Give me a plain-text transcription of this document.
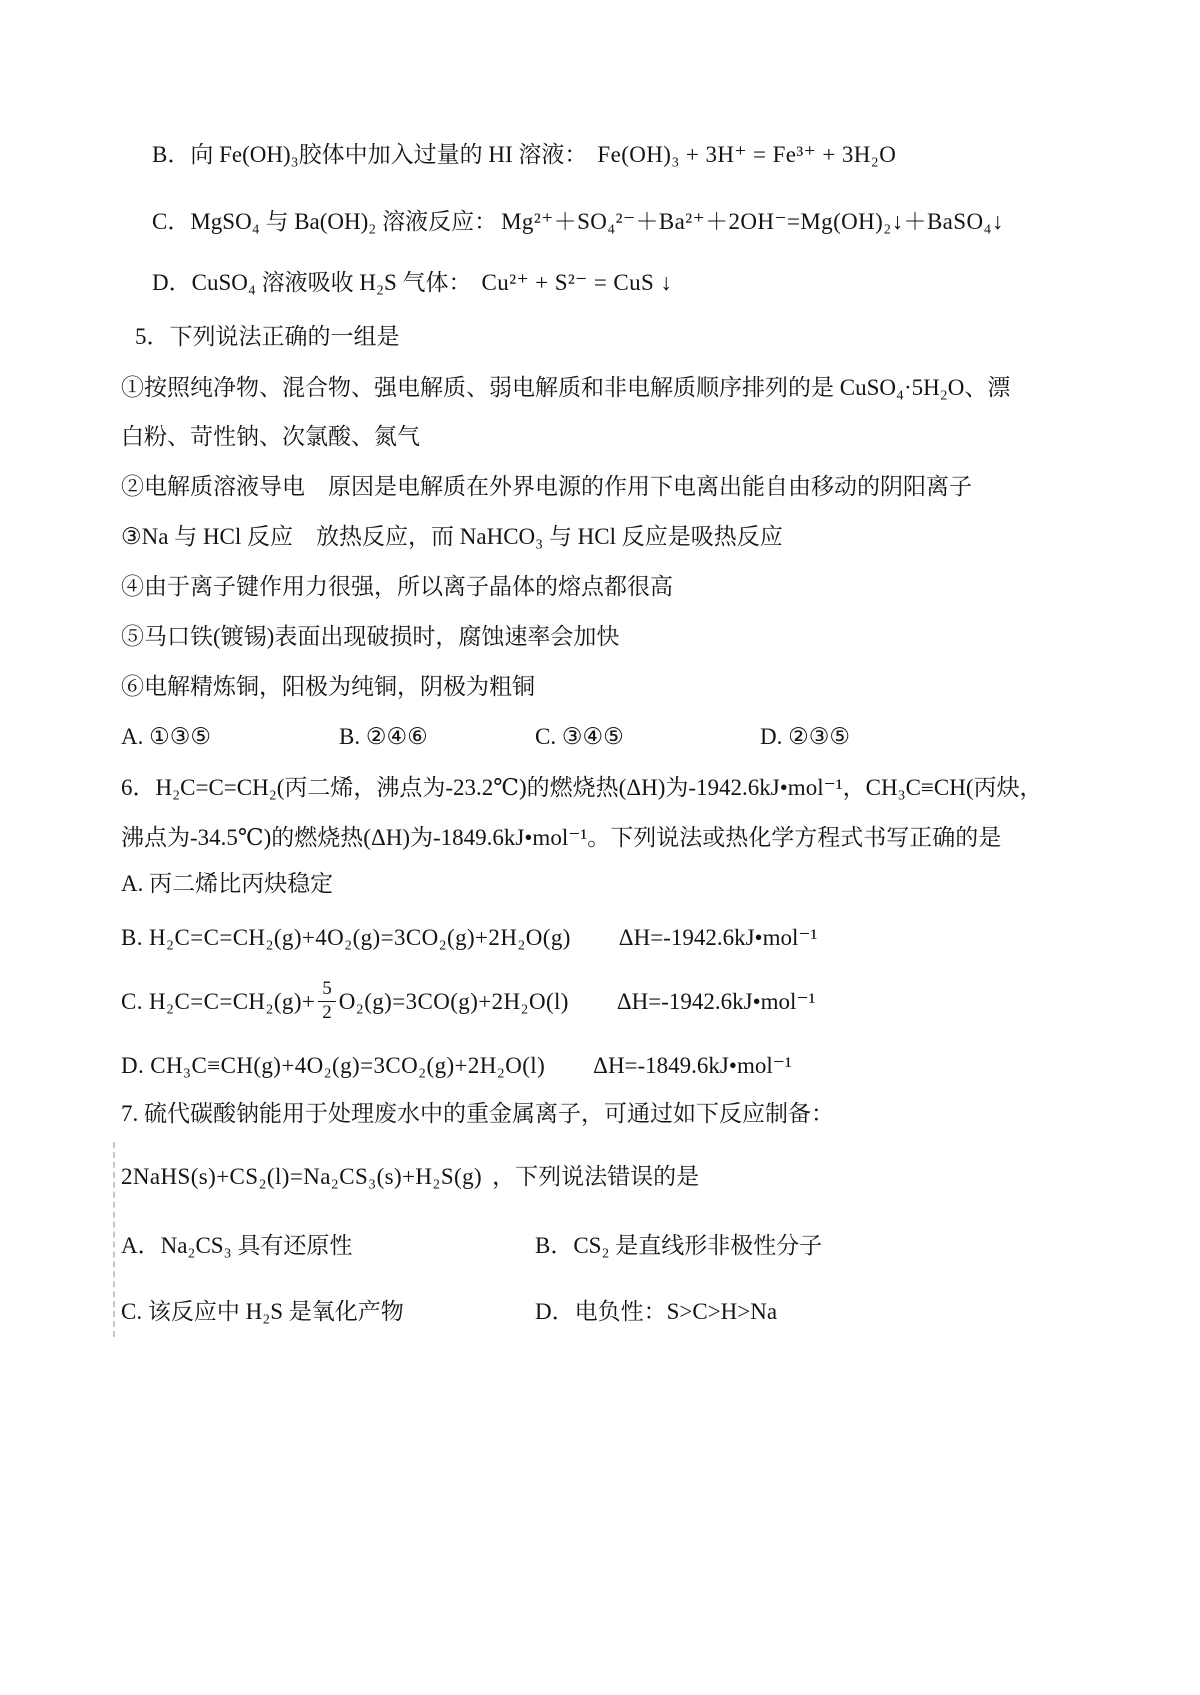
B．向 Fe(OH)₃胶体中加入过量的 HI 溶液： Fe(OH)₃ + 3H⁺ = Fe³⁺ + 3H₂O
C．MgSO₄ 与 Ba(OH)₂ 溶液反应： Mg²⁺＋SO₄²⁻＋Ba²⁺＋2OH⁻=Mg(OH)₂↓＋BaSO₄↓
D．CuSO₄ 溶液吸收 H₂S 气体： Cu²⁺ + S²⁻ = CuS ↓
5．下列说法正确的一组是
①按照纯净物、混合物、强电解质、弱电解质和非电解质顺序排列的是 CuSO₄·5H₂O、漂
白粉、苛性钠、次氯酸、氮气
②电解质溶液导电　原因是电解质在外界电源的作用下电离出能自由移动的阴阳离子
③Na 与 HCl 反应　放热反应，而 NaHCO₃ 与 HCl 反应是吸热反应
④由于离子键作用力很强，所以离子晶体的熔点都很高
⑤马口铁(镀锡)表面出现破损时，腐蚀速率会加快
⑥电解精炼铜，阳极为纯铜，阴极为粗铜
A. ①③⑤	B. ②④⑥	C. ③④⑤	D. ②③⑤
6．H₂C=C=CH₂(丙二烯，沸点为-23.2℃)的燃烧热(ΔH)为-1942.6kJ•mol⁻¹，CH₃C≡CH(丙炔，
沸点为-34.5℃)的燃烧热(ΔH)为-1849.6kJ•mol⁻¹。下列说法或热化学方程式书写正确的是
A. 丙二烯比丙炔稳定
B. H₂C=C=CH₂(g)+4O₂(g)=3CO₂(g)+2H₂O(g) ΔH=-1942.6kJ•mol⁻¹
C. $H_2C=C=CH_2(g)+ \frac{5}{2} O_2(g)=3CO(g)+2H_2O(l)$ ΔH=-1942.6kJ•mol⁻¹
D. CH₃C≡CH(g)+4O₂(g)=3CO₂(g)+2H₂O(l) ΔH=-1849.6kJ•mol⁻¹
7. 硫代碳酸钠能用于处理废水中的重金属离子，可通过如下反应制备：
2NaHS(s)+CS₂(l)=Na₂CS₃(s)+H₂S(g) ，下列说法错误的是
A．Na₂CS₃ 具有还原性	B．CS₂ 是直线形非极性分子
C. 该反应中 H₂S 是氧化产物	D．电负性：S>C>H>Na
